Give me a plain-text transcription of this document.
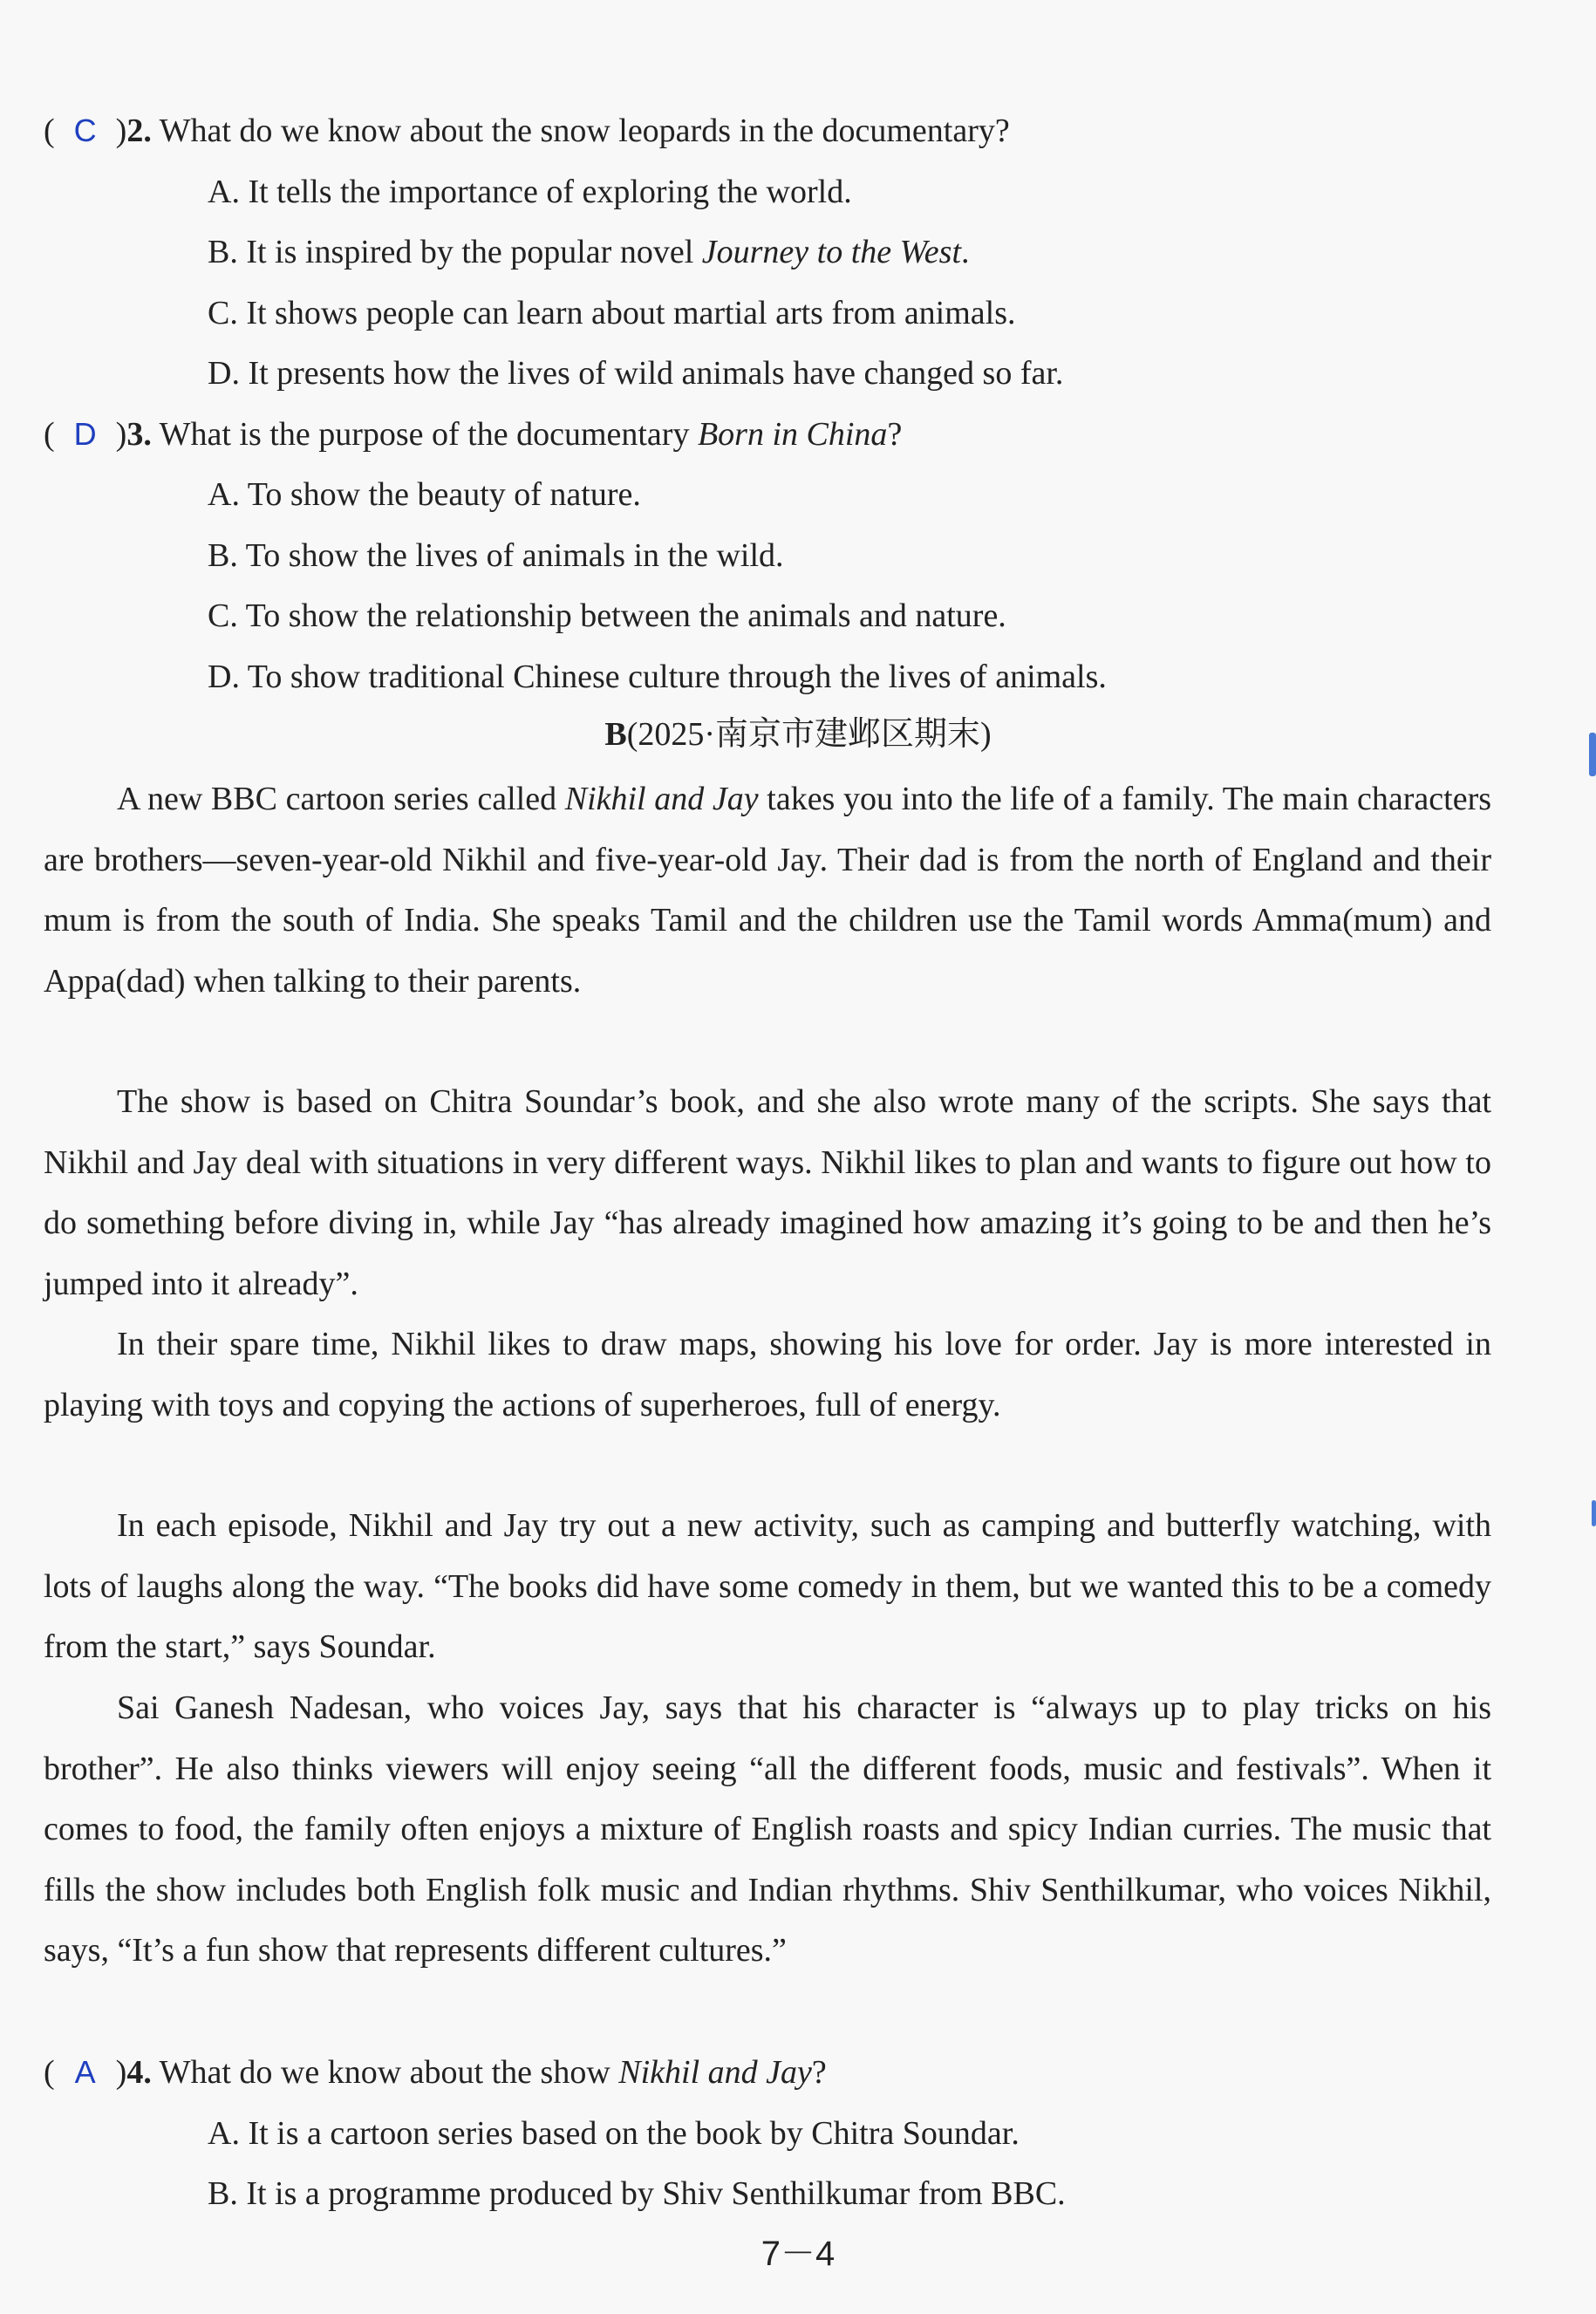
( C )2. What do we know about the snow leopards in the documentary?
A. It tells the importance of exploring the world.
B. It is inspired by the popular novel Journey to the West.
C. It shows people can learn about martial arts from animals.
D. It presents how the lives of wild animals have changed so far.
( D )3. What is the purpose of the documentary Born in China?
A. To show the beauty of nature.
B. To show the lives of animals in the wild.
C. To show the relationship between the animals and nature.
D. To show traditional Chinese culture through the lives of animals.
B(2025·南京市建邺区期末)
A new BBC cartoon series called Nikhil and Jay takes you into the life of a family. The main characters are brothers—seven-year-old Nikhil and five-year-old Jay. Their dad is from the north of England and their mum is from the south of India. She speaks Tamil and the children use the Tamil words Amma(mum) and Appa(dad) when talking to their parents.
The show is based on Chitra Soundar’s book, and she also wrote many of the scripts. She says that Nikhil and Jay deal with situations in very different ways. Nikhil likes to plan and wants to figure out how to do something before diving in, while Jay “has already imagined how amazing it’s going to be and then he’s jumped into it already”.
In their spare time, Nikhil likes to draw maps, showing his love for order. Jay is more interested in playing with toys and copying the actions of superheroes, full of energy.
In each episode, Nikhil and Jay try out a new activity, such as camping and butterfly watching, with lots of laughs along the way. “The books did have some comedy in them, but we wanted this to be a comedy from the start,” says Soundar.
Sai Ganesh Nadesan, who voices Jay, says that his character is “always up to play tricks on his brother”. He also thinks viewers will enjoy seeing “all the different foods, music and festivals”. When it comes to food, the family often enjoys a mixture of English roasts and spicy Indian curries. The music that fills the show includes both English folk music and Indian rhythms. Shiv Senthilkumar, who voices Nikhil, says, “It’s a fun show that represents different cultures.”
( A )4. What do we know about the show Nikhil and Jay?
A. It is a cartoon series based on the book by Chitra Soundar.
B. It is a programme produced by Shiv Senthilkumar from BBC.
7－4
